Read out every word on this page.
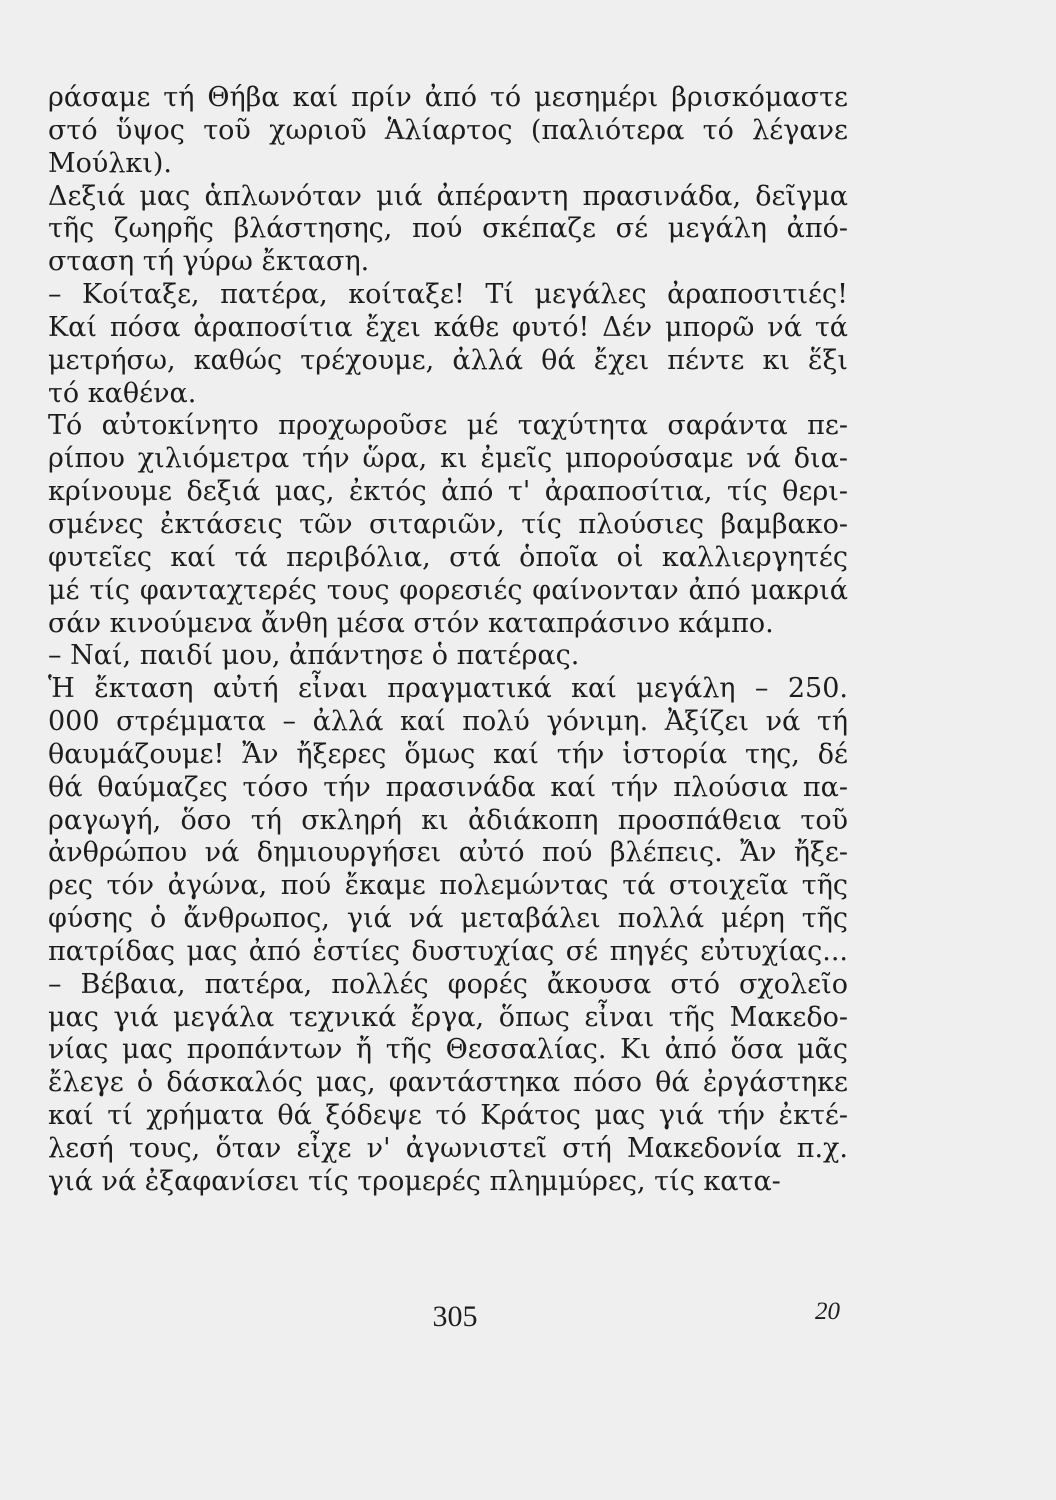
ράσαμε τή Θήβα καί πρίν ἀπό τό μεσημέρι βρισκόμαστε
στό ὕψος τοῦ χωριοῦ Ἁλίαρτος (παλιότερα τό λέγανε
Μούλκι).
Δεξιά μας ἁπλωνόταν μιά ἀπέραντη πρασινάδα, δεῖγμα
τῆς ζωηρῆς βλάστησης, πού σκέπαζε σέ μεγάλη ἀπό-
σταση τή γύρω ἔκταση.
– Κοίταξε, πατέρα, κοίταξε! Τί μεγάλες ἀραποσιτιές!
Καί πόσα ἀραποσίτια ἔχει κάθε φυτό! Δέν μπορῶ νά τά
μετρήσω, καθώς τρέχουμε, ἀλλά θά ἔχει πέντε κι ἕξι
τό καθένα.
Τό αὐτοκίνητο προχωροῦσε μέ ταχύτητα σαράντα πε-
ρίπου χιλιόμετρα τήν ὥρα, κι ἐμεῖς μπορούσαμε νά δια-
κρίνουμε δεξιά μας, ἐκτός ἀπό τ' ἀραποσίτια, τίς θερι-
σμένες ἐκτάσεις τῶν σιταριῶν, τίς πλούσιες βαμβακο-
φυτεῖες καί τά περιβόλια, στά ὁποῖα οἱ καλλιεργητές
μέ τίς φανταχτερές τους φορεσιές φαίνονταν ἀπό μακριά
σάν κινούμενα ἄνθη μέσα στόν καταπράσινο κάμπο.
– Ναί, παιδί μου, ἀπάντησε ὁ πατέρας.
Ἡ ἔκταση αὐτή εἶναι πραγματικά καί μεγάλη – 250.
000 στρέμματα – ἀλλά καί πολύ γόνιμη. Ἀξίζει νά τή
θαυμάζουμε! Ἄν ἤξερες ὅμως καί τήν ἱστορία της, δέ
θά θαύμαζες τόσο τήν πρασινάδα καί τήν πλούσια πα-
ραγωγή, ὅσο τή σκληρή κι ἀδιάκοπη προσπάθεια τοῦ
ἀνθρώπου νά δημιουργήσει αὐτό πού βλέπεις. Ἄν ἤξε-
ρες τόν ἀγώνα, πού ἔκαμε πολεμώντας τά στοιχεῖα τῆς
φύσης ὁ ἄνθρωπος, γιά νά μεταβάλει πολλά μέρη τῆς
πατρίδας μας ἀπό ἑστίες δυστυχίας σέ πηγές εὐτυχίας...
– Βέβαια, πατέρα, πολλές φορές ἄκουσα στό σχολεῖο
μας γιά μεγάλα τεχνικά ἔργα, ὅπως εἶναι τῆς Μακεδο-
νίας μας προπάντων ἤ τῆς Θεσσαλίας. Κι ἀπό ὅσα μᾶς
ἔλεγε ὁ δάσκαλός μας, φαντάστηκα πόσο θά ἐργάστηκε
καί τί χρήματα θά ξόδεψε τό Κράτος μας γιά τήν ἐκτέ-
λεσή τους, ὅταν εἶχε ν' ἀγωνιστεῖ στή Μακεδονία π.χ.
γιά νά ἐξαφανίσει τίς τρομερές πλημμύρες, τίς κατα-
305	20
